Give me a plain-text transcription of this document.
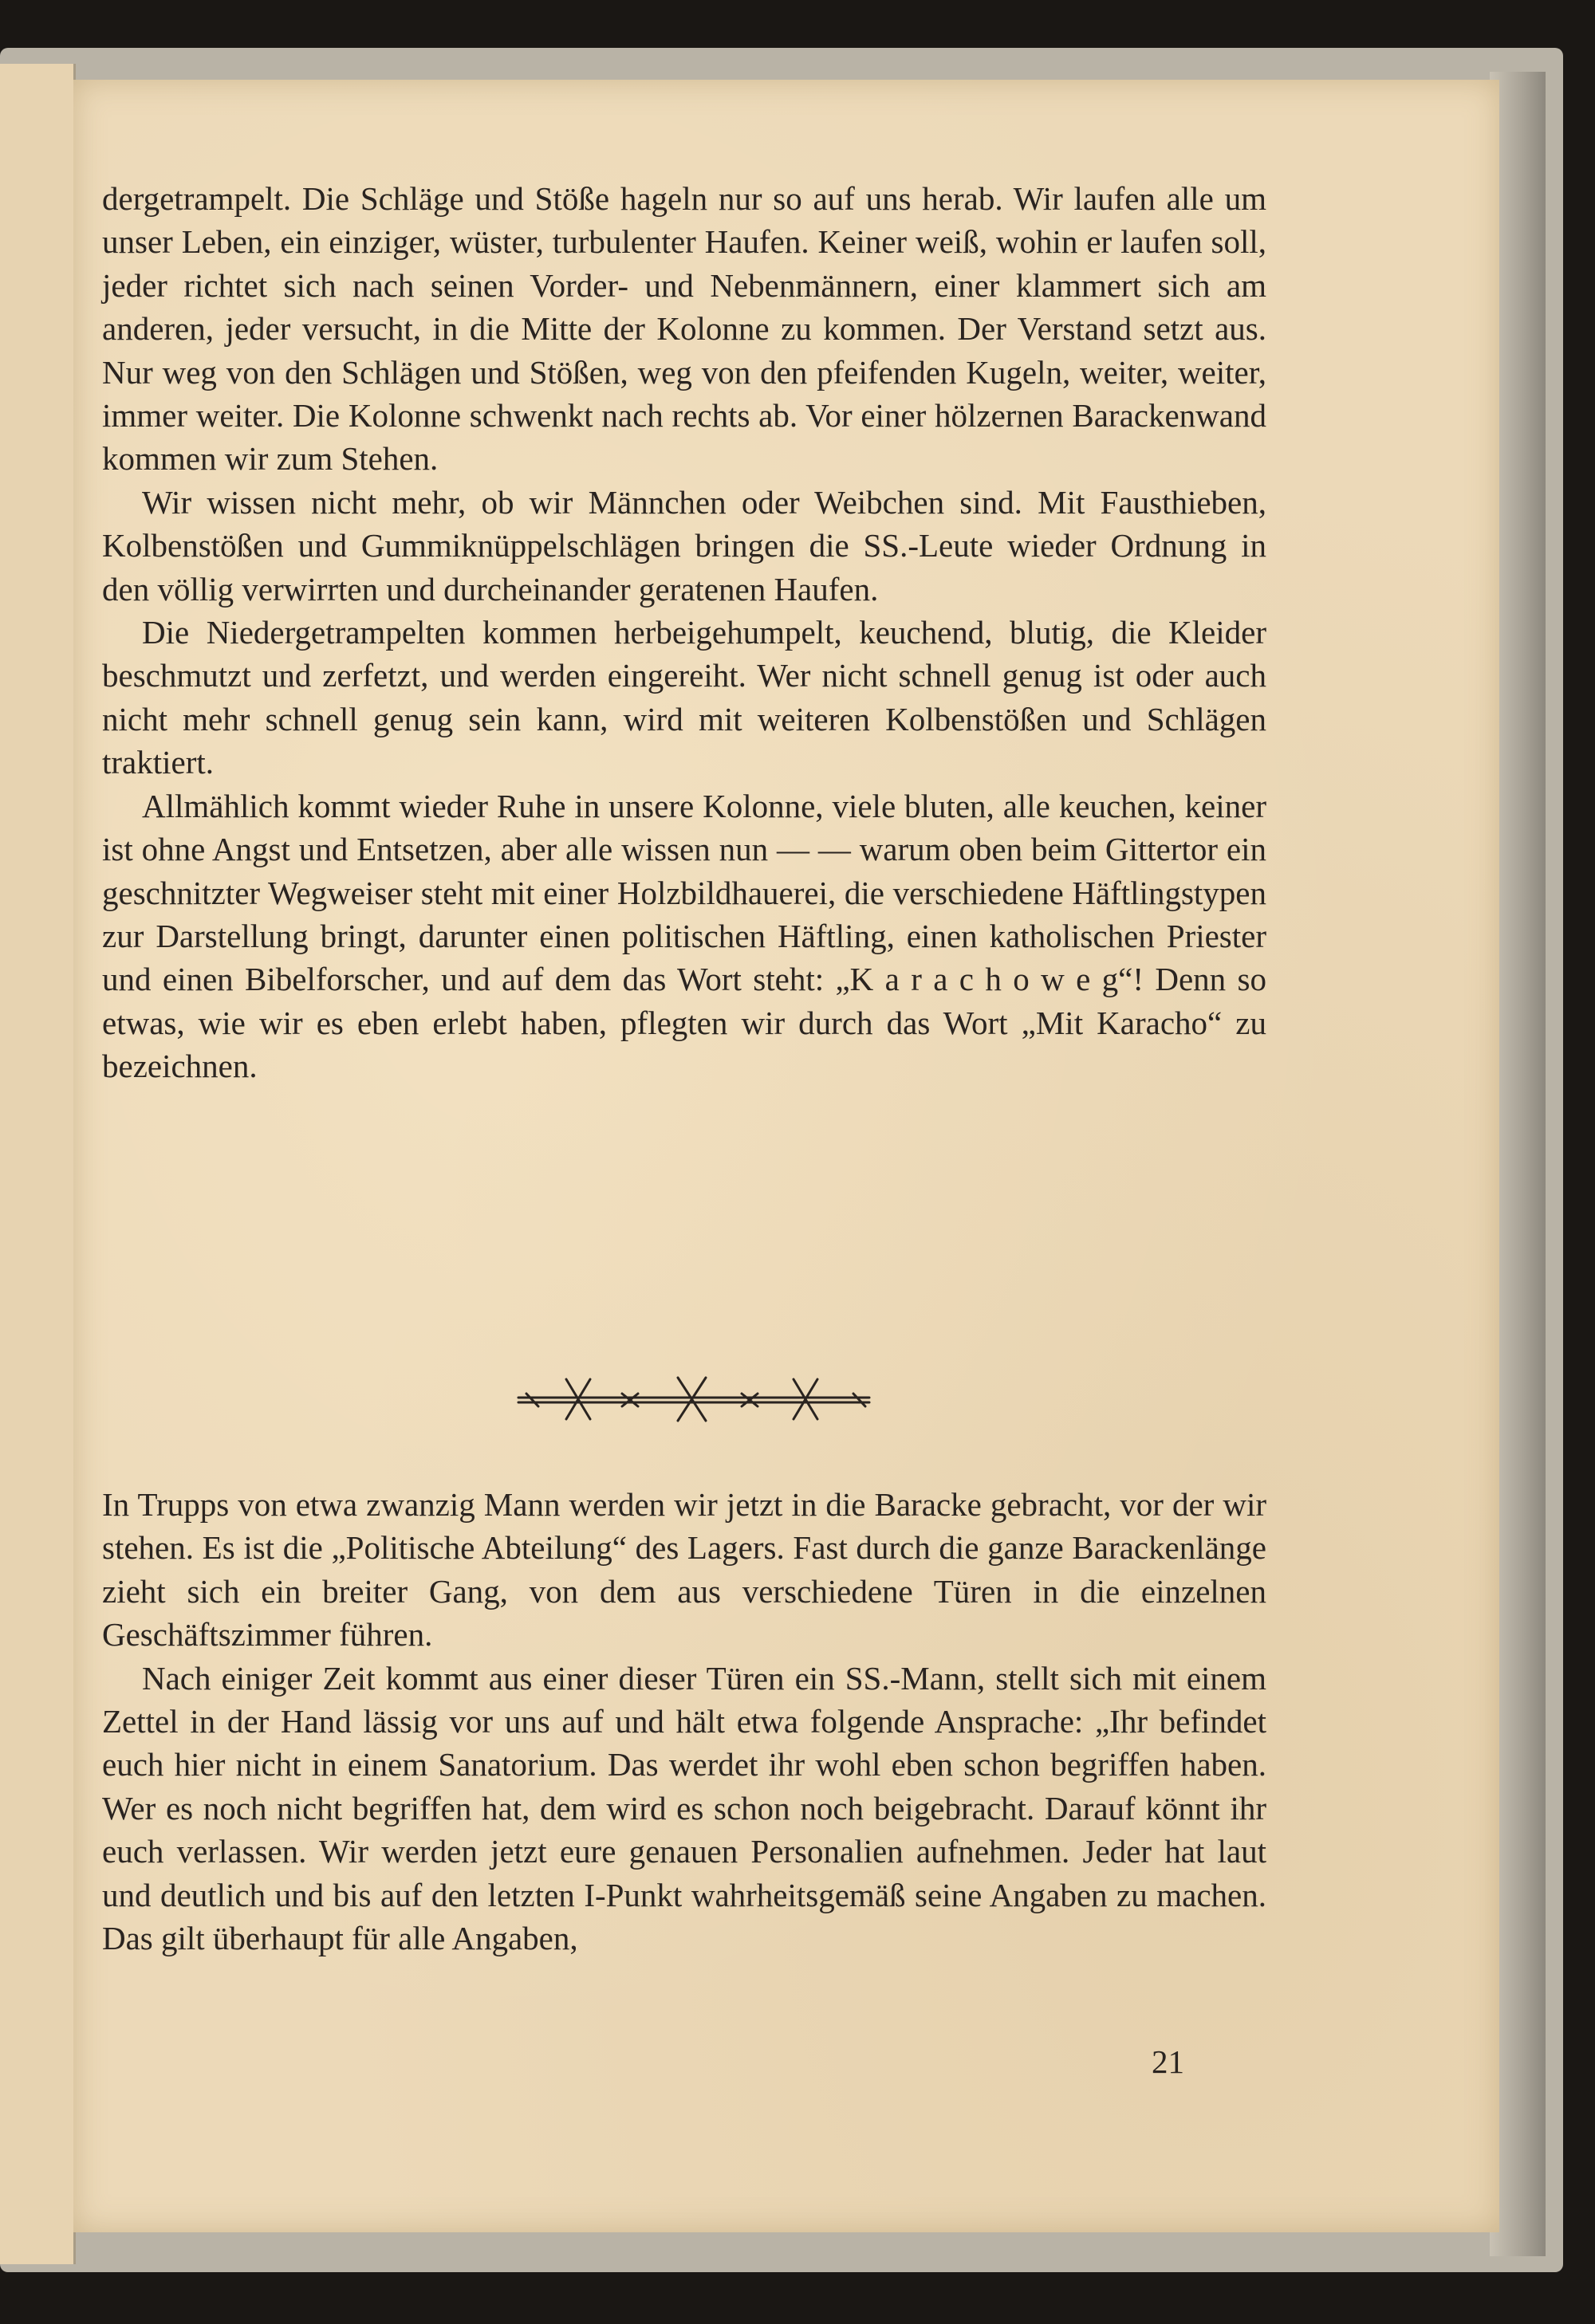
dergetrampelt. Die Schläge und Stöße hageln nur so auf uns herab. Wir laufen alle um unser Leben, ein einziger, wüster, turbulenter Haufen. Keiner weiß, wohin er laufen soll, jeder richtet sich nach seinen Vorder- und Nebenmännern, einer klammert sich am anderen, jeder versucht, in die Mitte der Kolonne zu kommen. Der Verstand setzt aus. Nur weg von den Schlägen und Stößen, weg von den pfeifenden Kugeln, weiter, weiter, immer weiter. Die Kolonne schwenkt nach rechts ab. Vor einer hölzernen Barackenwand kommen wir zum Stehen.

Wir wissen nicht mehr, ob wir Männchen oder Weibchen sind. Mit Fausthieben, Kolbenstößen und Gummiknüppelschlägen bringen die SS.-Leute wieder Ordnung in den völlig verwirrten und durcheinander geratenen Haufen.

Die Niedergetrampelten kommen herbeigehumpelt, keuchend, blutig, die Kleider beschmutzt und zerfetzt, und werden eingereiht. Wer nicht schnell genug ist oder auch nicht mehr schnell genug sein kann, wird mit weiteren Kolbenstößen und Schlägen traktiert.

Allmählich kommt wieder Ruhe in unsere Kolonne, viele bluten, alle keuchen, keiner ist ohne Angst und Entsetzen, aber alle wissen nun — — warum oben beim Gittertor ein geschnitzter Wegweiser steht mit einer Holzbildhauerei, die verschiedene Häftlingstypen zur Darstellung bringt, darunter einen politischen Häftling, einen katholischen Priester und einen Bibelforscher, und auf dem das Wort steht: „K a r a c h o w e g“! Denn so etwas, wie wir es eben erlebt haben, pflegten wir durch das Wort „Mit Karacho“ zu bezeichnen.

In Trupps von etwa zwanzig Mann werden wir jetzt in die Baracke gebracht, vor der wir stehen. Es ist die „Politische Abteilung“ des Lagers. Fast durch die ganze Barackenlänge zieht sich ein breiter Gang, von dem aus verschiedene Türen in die einzelnen Geschäftszimmer führen.

Nach einiger Zeit kommt aus einer dieser Türen ein SS.-Mann, stellt sich mit einem Zettel in der Hand lässig vor uns auf und hält etwa folgende Ansprache: „Ihr befindet euch hier nicht in einem Sanatorium. Das werdet ihr wohl eben schon begriffen haben. Wer es noch nicht begriffen hat, dem wird es schon noch beigebracht. Darauf könnt ihr euch verlassen. Wir werden jetzt eure genauen Personalien aufnehmen. Jeder hat laut und deutlich und bis auf den letzten I-Punkt wahrheitsgemäß seine Angaben zu machen. Das gilt überhaupt für alle Angaben,

21
